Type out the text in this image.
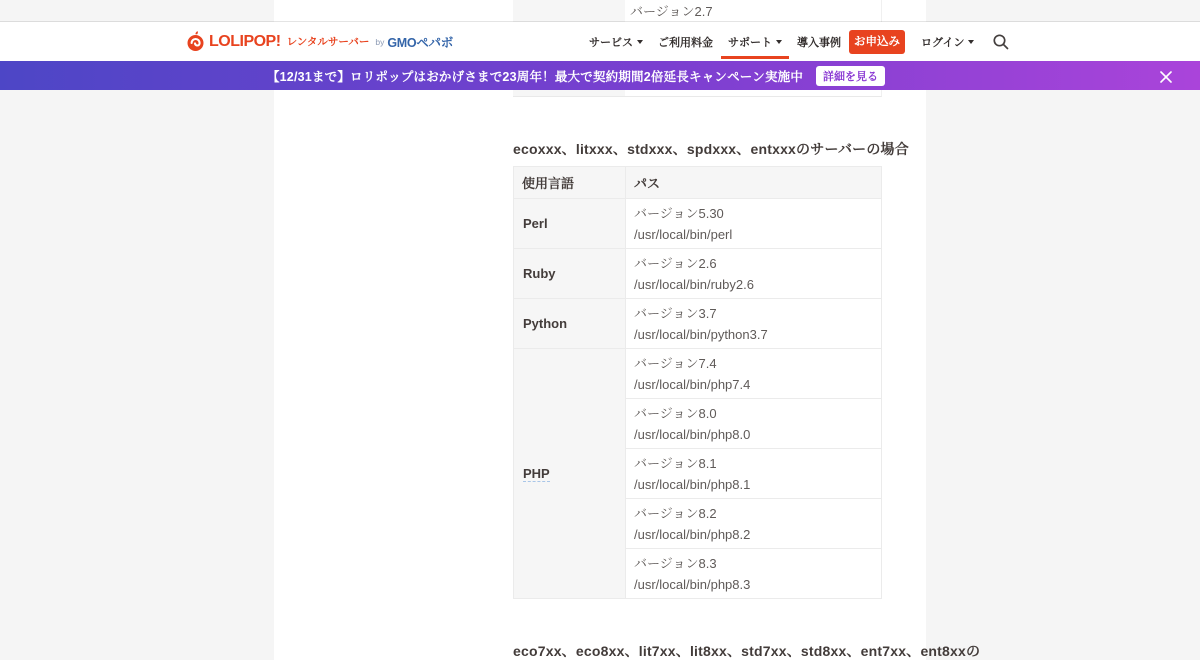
バージョン2.7
ecoxxx、litxxx、stdxxx、spdxxx、entxxxのサーバーの場合
使用言語	パス
Perl	バージョン5.30
/usr/local/bin/perl

Ruby	バージョン2.6
/usr/local/bin/ruby2.6

Python	バージョン3.7
/usr/local/bin/python3.7

PHP	バージョン7.4
/usr/local/bin/php7.4

	バージョン8.0
/usr/local/bin/php8.0

	バージョン8.1
/usr/local/bin/php8.1

	バージョン8.2
/usr/local/bin/php8.2

	バージョン8.3
/usr/local/bin/php8.3
eco7xx、eco8xx、lit7xx、lit8xx、std7xx、std8xx、ent7xx、ent8xxの
LOLIPOP! レンタルサーバー by GMOペパボ	サービス ご利用料金 サポート 導入事例	お申込み	ログイン
【12/31まで】ロリポップはおかげさまで23周年！最大で契約期間2倍延長キャンペーン実施中	詳細を見る
